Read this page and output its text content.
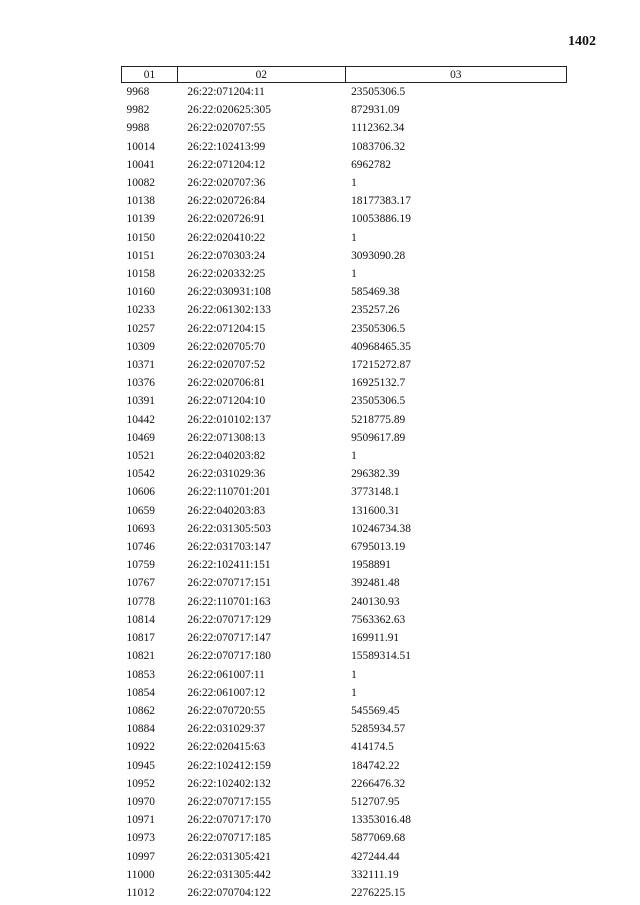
1402
01	02	03
9968	26:22:071204:11	23505306.5
9982	26:22:020625:305	872931.09
9988	26:22:020707:55	1112362.34
10014	26:22:102413:99	1083706.32
10041	26:22:071204:12	6962782
10082	26:22:020707:36	1
10138	26:22:020726:84	18177383.17
10139	26:22:020726:91	10053886.19
10150	26:22:020410:22	1
10151	26:22:070303:24	3093090.28
10158	26:22:020332:25	1
10160	26:22:030931:108	585469.38
10233	26:22:061302:133	235257.26
10257	26:22:071204:15	23505306.5
10309	26:22:020705:70	40968465.35
10371	26:22:020707:52	17215272.87
10376	26:22:020706:81	16925132.7
10391	26:22:071204:10	23505306.5
10442	26:22:010102:137	5218775.89
10469	26:22:071308:13	9509617.89
10521	26:22:040203:82	1
10542	26:22:031029:36	296382.39
10606	26:22:110701:201	3773148.1
10659	26:22:040203:83	131600.31
10693	26:22:031305:503	10246734.38
10746	26:22:031703:147	6795013.19
10759	26:22:102411:151	1958891
10767	26:22:070717:151	392481.48
10778	26:22:110701:163	240130.93
10814	26:22:070717:129	7563362.63
10817	26:22:070717:147	169911.91
10821	26:22:070717:180	15589314.51
10853	26:22:061007:11	1
10854	26:22:061007:12	1
10862	26:22:070720:55	545569.45
10884	26:22:031029:37	5285934.57
10922	26:22:020415:63	414174.5
10945	26:22:102412:159	184742.22
10952	26:22:102402:132	2266476.32
10970	26:22:070717:155	512707.95
10971	26:22:070717:170	13353016.48
10973	26:22:070717:185	5877069.68
10997	26:22:031305:421	427244.44
11000	26:22:031305:442	332111.19
11012	26:22:070704:122	2276225.15
